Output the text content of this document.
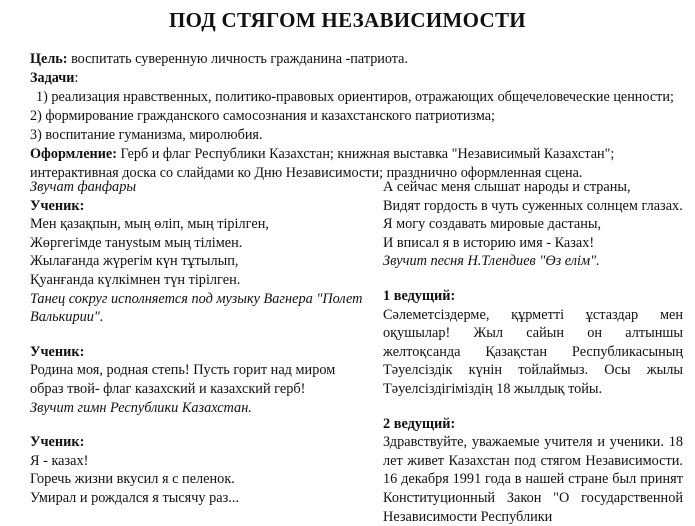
ПОД СТЯГОМ НЕЗАВИСИМОСТИ

Цель: воспитать суверенную личность гражданина -патриота.

Задачи:

1) реализация нравственных, политико-правовых ориентиров, отражающих общечеловеческие ценности;

2) формирование гражданского самосознания и казахстанского патриотизма;

3) воспитание гуманизма, миролюбия.

Оформление: Герб и флаг Республики Казахстан; книжная выставка "Независимый Казахстан"; интерактивная доска со слайдами ко Дню Независимости; празднично оформленная сцена.

Звучат фанфары

Ученик:

Мен қазақпын, мың өліп, мың тірілген,

Жөргегімде танystым мың тілімен.

Жылағанда жүрегім күн тұтылып,

Қуанғанда күлкімнен түн тірілген.

Танец сокруг исполняется под музыку Вагнера "Полет Валькирии".

Ученик:

Родина моя, родная степь! Пусть горит над миром образ твой- флаг казахский и казахский герб!

Звучит гимн Республики Казахстан.

Ученик:

Я - казах!

Горечь жизни вкусил я с пеленок.

Умирал и рождался я тысячу раз...

А сейчас меня слышат народы и страны,

Видят гордость в чуть суженных солнцем глазах.

Я могу создавать мировые дастаны,

И вписал я в историю имя - Казах!

Звучит песня Н.Тлендиев "Өз елім".

1 ведущий:

Сәлеметсіздерме, құрметті ұстаздар мен оқушылар! Жыл сайын он алтыншы желтоқсанда Қазақстан Республикасының Тәуелсіздік күнін тойлаймыз. Осы жылы Тәуелсіздігіміздің 18 жылдық тойы.

2 ведущий:

Здравствуйте, уважаемые учителя и ученики. 18 лет живет Казахстан под стягом Независимости. 16 декабря 1991 года в нашей стране был принят Конституционный Закон "О государственной Независимости Республики
